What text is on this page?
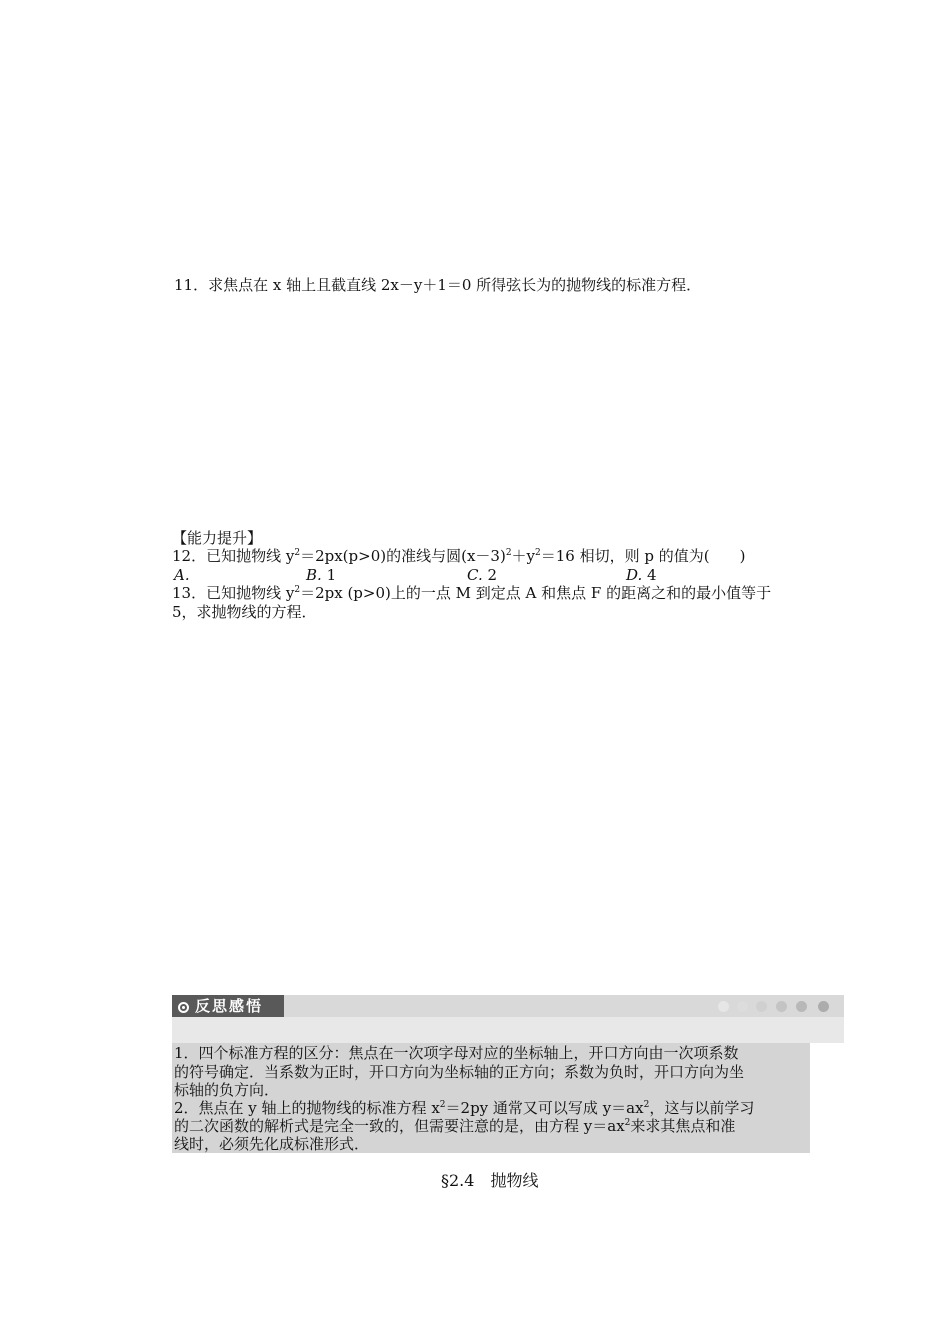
11．求焦点在 x 轴上且截直线 2x－y＋1＝0 所得弦长为的抛物线的标准方程．
【能力提升】
12．已知抛物线 $y^2=2px(p>0)$的准线与圆$(x-3)^2+y^2=16$ 相切，则 p 的值为(　　)
A.	B. 1	C. 2	D. 4
13．已知抛物线 $y^2=2px$ (p>0)上的一点 M 到定点 A 和焦点 F 的距离之和的最小值等于
5，求抛物线的方程．
反思感悟
1．四个标准方程的区分：焦点在一次项字母对应的坐标轴上，开口方向由一次项系数
的符号确定．当系数为正时，开口方向为坐标轴的正方向；系数为负时，开口方向为坐
标轴的负方向．
2．焦点在 y 轴上的抛物线的标准方程 $x^2=2py$ 通常又可以写成 $y=ax^2$，这与以前学习
的二次函数的解析式是完全一致的，但需要注意的是，由方程 $y=ax^2$来求其焦点和准
线时，必须先化成标准形式．
§2.4　抛物线
